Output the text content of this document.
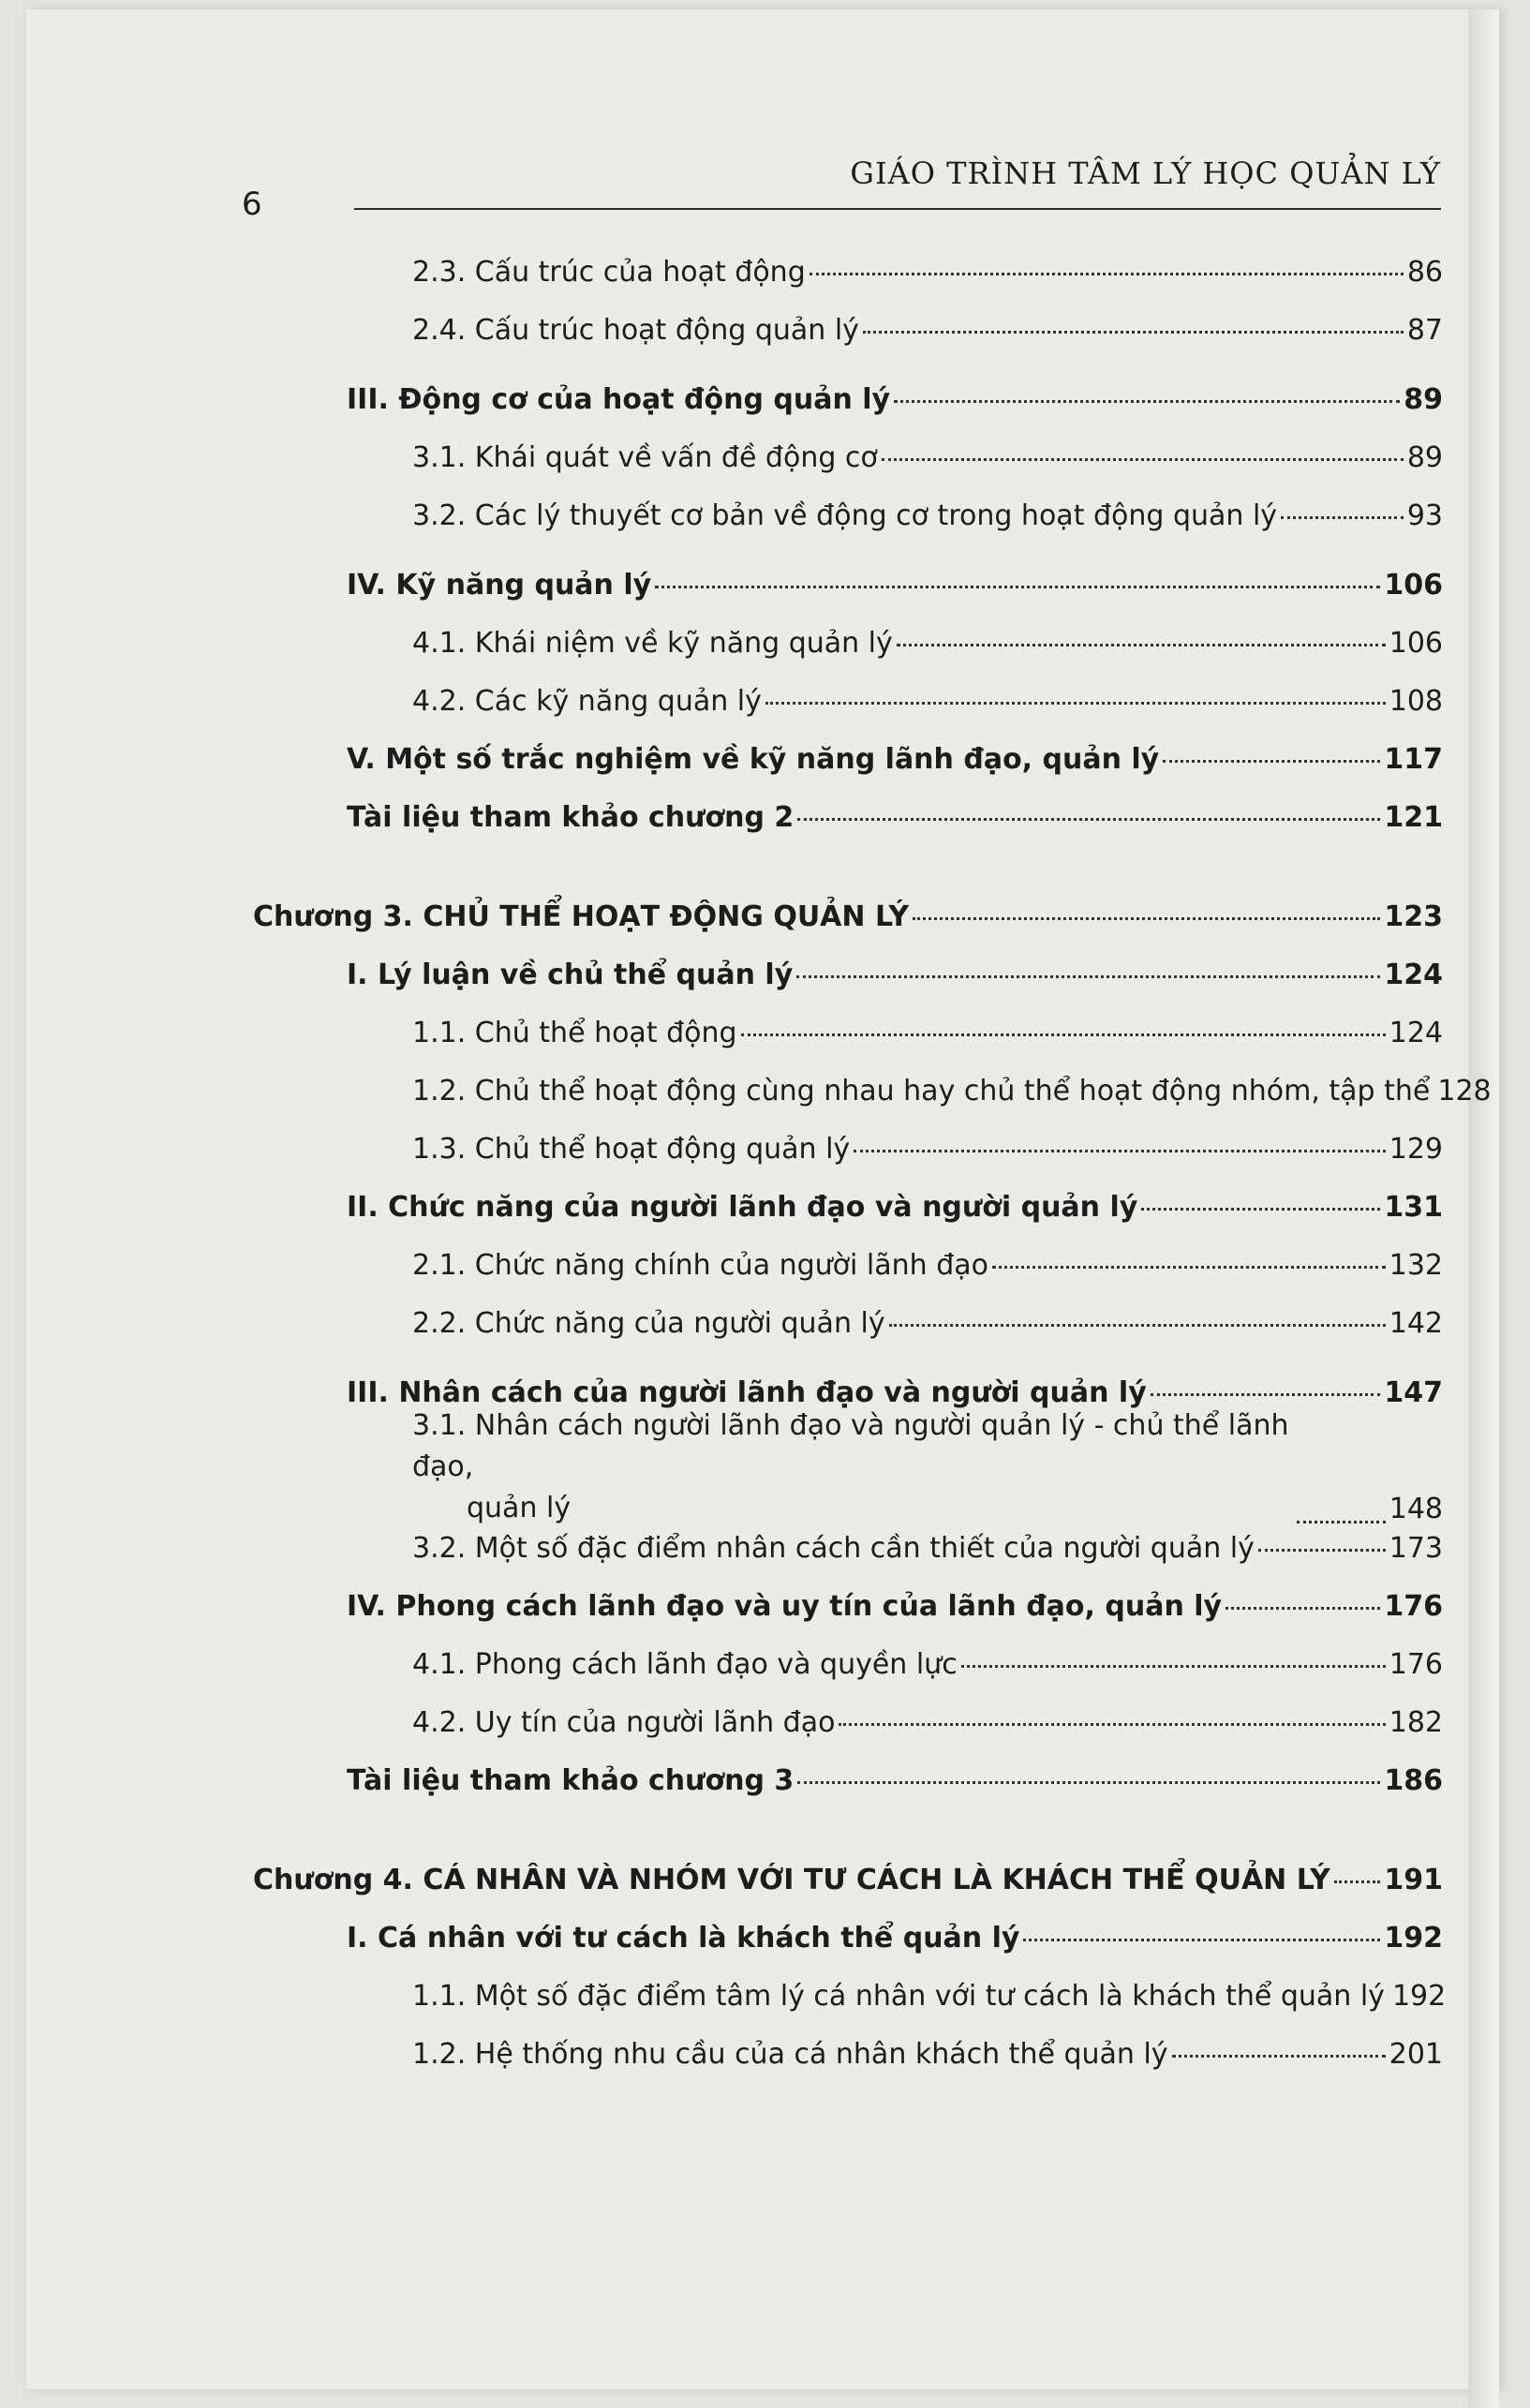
6
GIÁO TRÌNH TÂM LÝ HỌC QUẢN LÝ
2.3. Cấu trúc của hoạt động	86
2.4. Cấu trúc hoạt động quản lý	87
III. Động cơ của hoạt động quản lý	89
3.1. Khái quát về vấn đề động cơ	89
3.2. Các lý thuyết cơ bản về động cơ trong hoạt động quản lý	93
IV. Kỹ năng quản lý	106
4.1. Khái niệm về kỹ năng quản lý	106
4.2. Các kỹ năng quản lý	108
V. Một số trắc nghiệm về kỹ năng lãnh đạo, quản lý	117
Tài liệu tham khảo chương 2	121
Chương 3. CHỦ THỂ HOẠT ĐỘNG QUẢN LÝ	123
I. Lý luận về chủ thể quản lý	124
1.1. Chủ thể hoạt động	124
1.2. Chủ thể hoạt động cùng nhau hay chủ thể hoạt động nhóm, tập thể 128
1.3. Chủ thể hoạt động quản lý	129
II. Chức năng của người lãnh đạo và người quản lý	131
2.1. Chức năng chính của người lãnh đạo	132
2.2. Chức năng của người quản lý	142
III. Nhân cách của người lãnh đạo và người quản lý	147
3.1. Nhân cách người lãnh đạo và người quản lý - chủ thể lãnh đạo,
quản lý	148
3.2. Một số đặc điểm nhân cách cần thiết của người quản lý	173
IV. Phong cách lãnh đạo và uy tín của lãnh đạo, quản lý	176
4.1. Phong cách lãnh đạo và quyền lực	176
4.2. Uy tín của người lãnh đạo	182
Tài liệu tham khảo chương 3	186
Chương 4. CÁ NHÂN VÀ NHÓM VỚI TƯ CÁCH LÀ KHÁCH THỂ QUẢN LÝ 191
I. Cá nhân với tư cách là khách thể quản lý	192
1.1. Một số đặc điểm tâm lý cá nhân với tư cách là khách thể quản lý 192
1.2. Hệ thống nhu cầu của cá nhân khách thể quản lý	201
